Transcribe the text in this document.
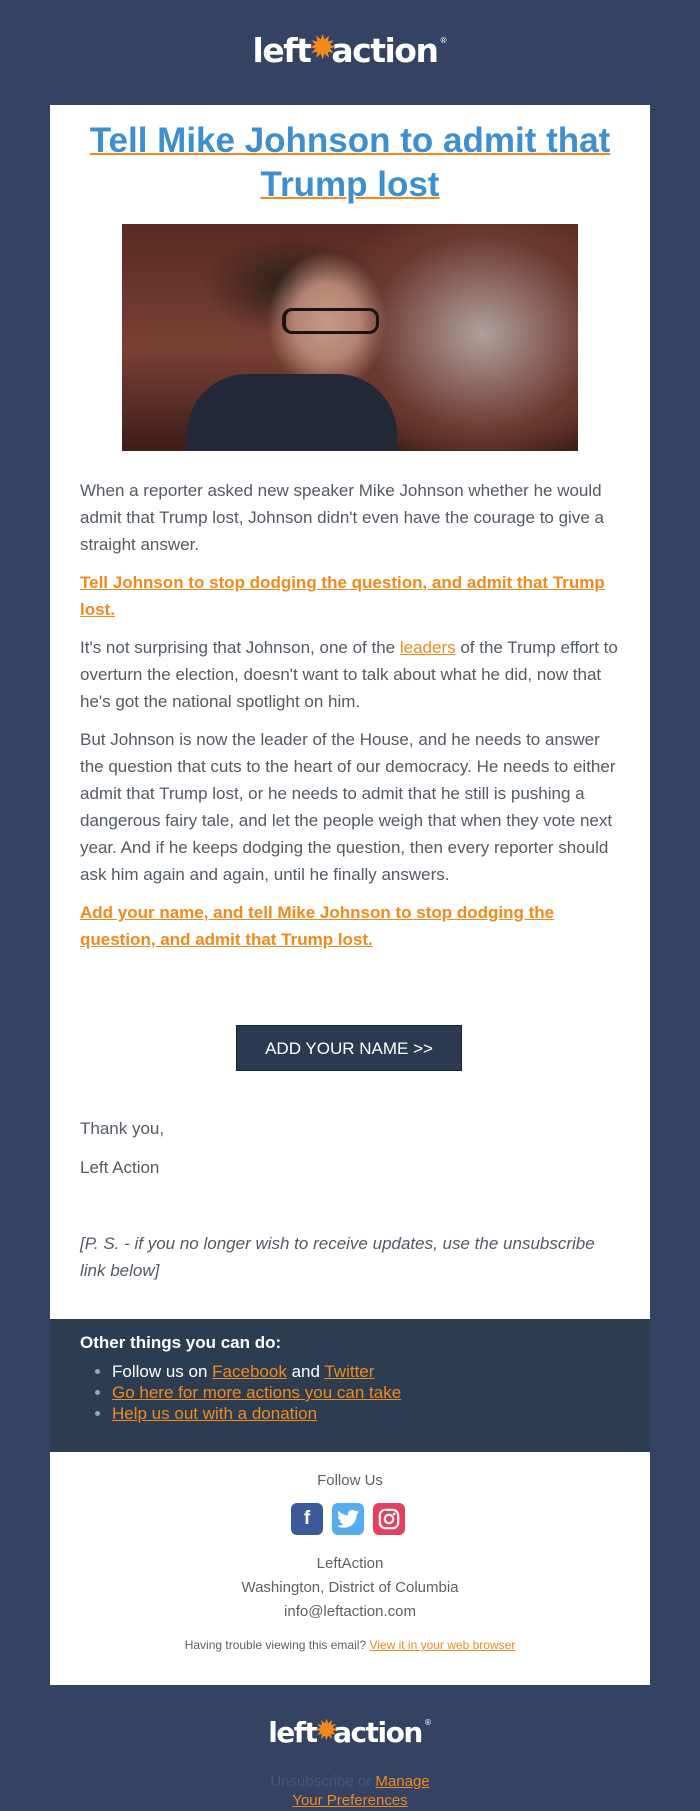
left
✹
action ®
Tell Mike Johnson to admit that Trump lost

When a reporter asked new speaker Mike Johnson whether he would admit that Trump lost, Johnson didn't even have the courage to give a straight answer.

Tell Johnson to stop dodging the question, and admit that Trump lost.

It's not surprising that Johnson, one of the leaders of the Trump effort to overturn the election, doesn't want to talk about what he did, now that he's got the national spotlight on him.

But Johnson is now the leader of the House, and he needs to answer the question that cuts to the heart of our democracy. He needs to either admit that Trump lost, or he needs to admit that he still is pushing a dangerous fairy tale, and let the people weigh that when they vote next year. And if he keeps dodging the question, then every reporter should ask him again and again, until he finally answers.

Add your name, and tell Mike Johnson to stop dodging the question, and admit that Trump lost.

ADD YOUR NAME >>

Thank you,

Left Action

[P. S. - if you no longer wish to receive updates, use the unsubscribe link below]
Other things you can do:
• Follow us on Facebook and Twitter
• Go here for more actions you can take
• Help us out with a donation
Follow Us
f
LeftAction
Washington, District of Columbia
info@leftaction.com
Having trouble viewing this email? View it in your web browser
left
✹
action ®
Unsubscribe or Manage
Your Preferences
